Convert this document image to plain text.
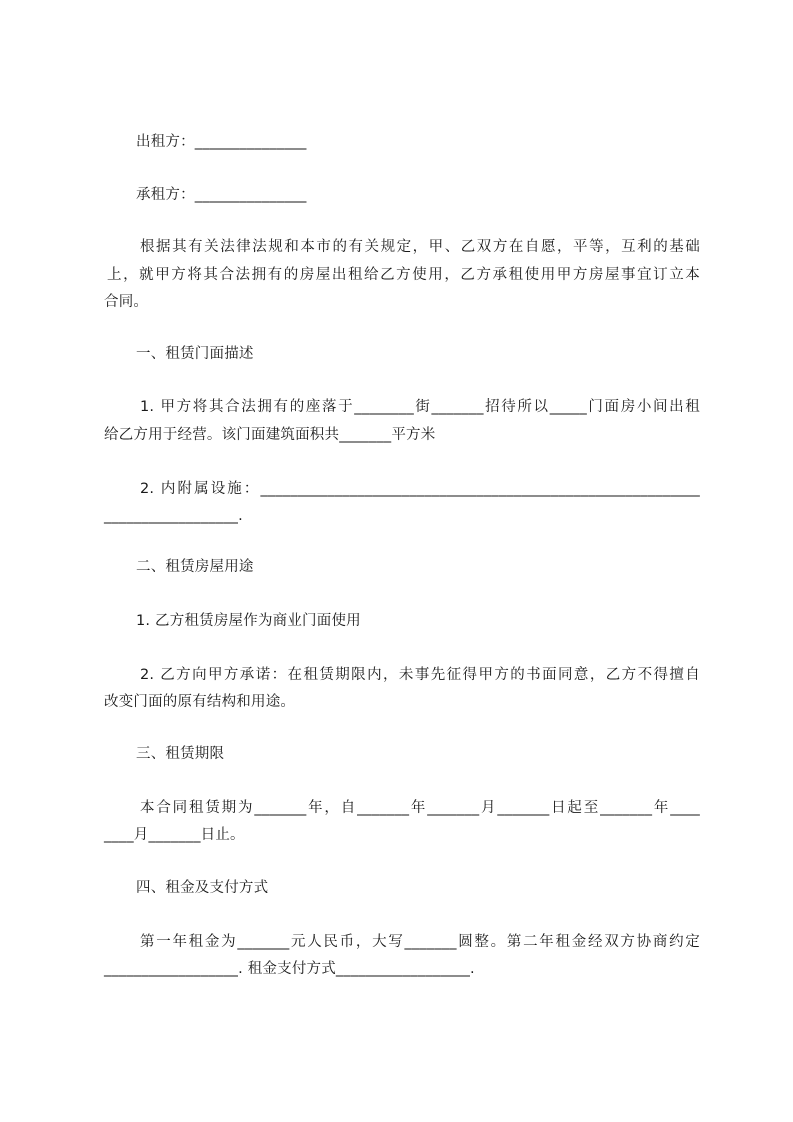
出租方：_______________
承租方：_______________
根据其有关法律法规和本市的有关规定，甲、乙双方在自愿，平等，互利的基础
上，就甲方将其合法拥有的房屋出租给乙方使用，乙方承租使用甲方房屋事宜订立本
合同。
一、租赁门面描述
1. 甲方将其合法拥有的座落于________街_______招待所以_____门面房小间出租
给乙方用于经营。该门面建筑面积共_______平方米
2. 内附属设施：___________________________________________________________
__________________.
二、租赁房屋用途
1. 乙方租赁房屋作为商业门面使用
2. 乙方向甲方承诺：在租赁期限内，未事先征得甲方的书面同意，乙方不得擅自
改变门面的原有结构和用途。
三、租赁期限
本合同租赁期为_______年，自_______年_______月_______日起至_______年____
____月_______日止。
四、租金及支付方式
第一年租金为_______元人民币，大写_______圆整。第二年租金经双方协商约定
__________________. 租金支付方式__________________.
